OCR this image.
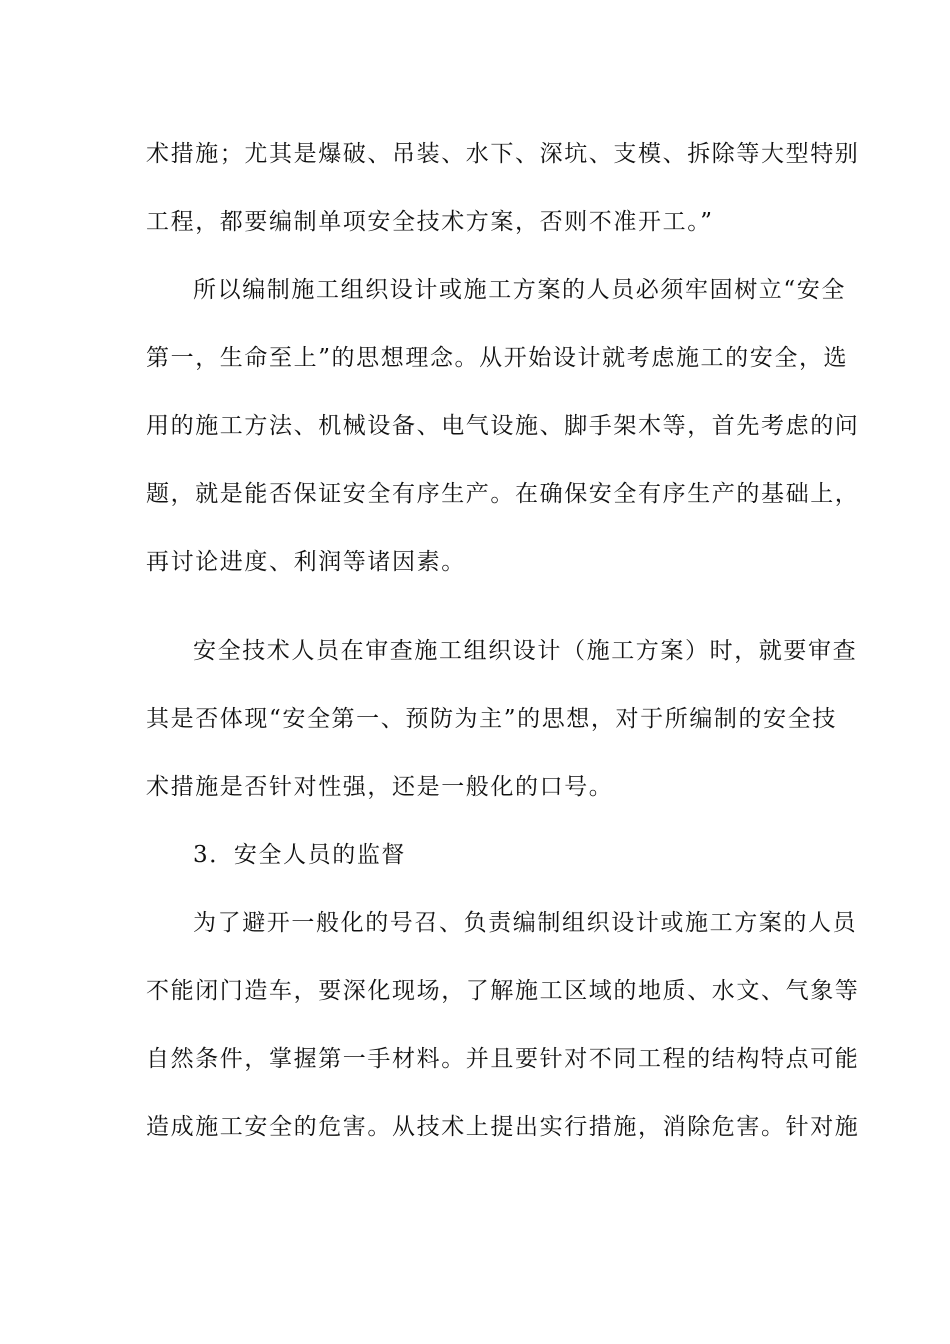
术措施；尤其是爆破、吊装、水下、深坑、支模、拆除等大型特别
工程，都要编制单项安全技术方案，否则不准开工。”
所以编制施工组织设计或施工方案的人员必须牢固树立“安全
第一，生命至上”的思想理念。从开始设计就考虑施工的安全，选
用的施工方法、机械设备、电气设施、脚手架木等，首先考虑的问
题，就是能否保证安全有序生产。在确保安全有序生产的基础上，
再讨论进度、利润等诸因素。
安全技术人员在审查施工组织设计（施工方案）时，就要审查
其是否体现“安全第一、预防为主”的思想，对于所编制的安全技
术措施是否针对性强，还是一般化的口号。
3．安全人员的监督
为了避开一般化的号召、负责编制组织设计或施工方案的人员
不能闭门造车，要深化现场，了解施工区域的地质、水文、气象等
自然条件，掌握第一手材料。并且要针对不同工程的结构特点可能
造成施工安全的危害。从技术上提出实行措施，消除危害。针对施
